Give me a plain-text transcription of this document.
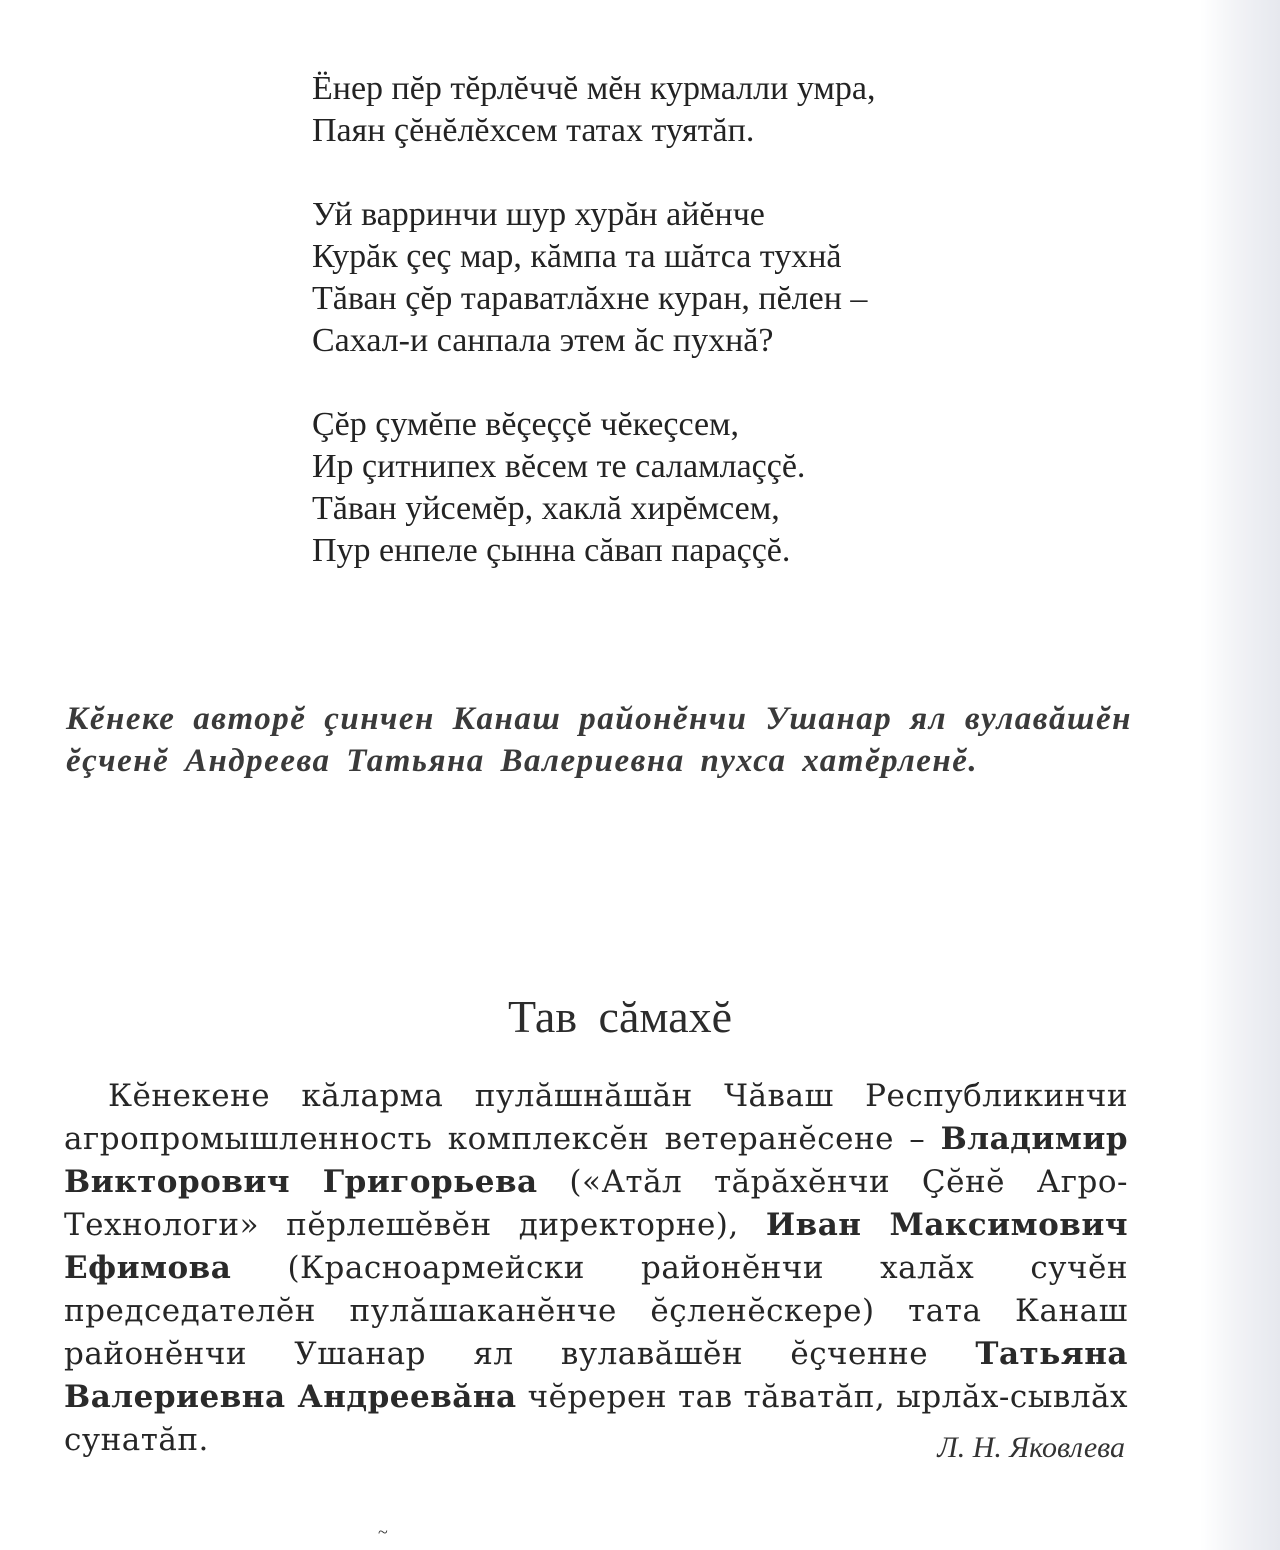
Ёнер пĕр тĕрлĕччĕ мĕн курмалли умра,
Паян çĕнĕлĕхсем татах туятăп.
Уй варринчи шур хурăн айĕнче
Курăк çеç мар, кăмпа та шăтса тухнă
Тăван çĕр тараватлăхне куран, пĕлен –
Сахал-и санпала этем ăс пухнă?
Çĕр çумĕпе вĕçеççĕ чĕкеçсем,
Ир çитнипех вĕсем те саламлаççĕ.
Тăван уйсемĕр, хаклă хирĕмсем,
Пур енпеле çынна сăвап параççĕ.
Кĕнеке авторĕ çинчен Канаш районĕнчи Ушанар ял вулавăшĕн ĕçченĕ Андреева Татьяна Валериевна пухса хатĕрленĕ.
Тав сăмахĕ

Кĕнекене кăларма пулăшнăшăн Чăваш Республикинчи агропромышленность комплексĕн ветеранĕсене – Владимир Викторович Григорьева («Атăл тăрăхĕнчи Çĕнĕ Агро-Технологи» пĕрлешĕвĕн директорне), Иван Максимович Ефимова (Красноармейски районĕнчи халăх сучĕн председателĕн пулăшаканĕнче ĕçленĕскере) тата Канаш районĕнчи Ушанар ял вулавăшĕн ĕçченне Татьяна Валериевна Андреевăна чĕререн тав тăватăп, ырлăх-сывлăх сунатăп.	Л. Н. Яковлева
~
